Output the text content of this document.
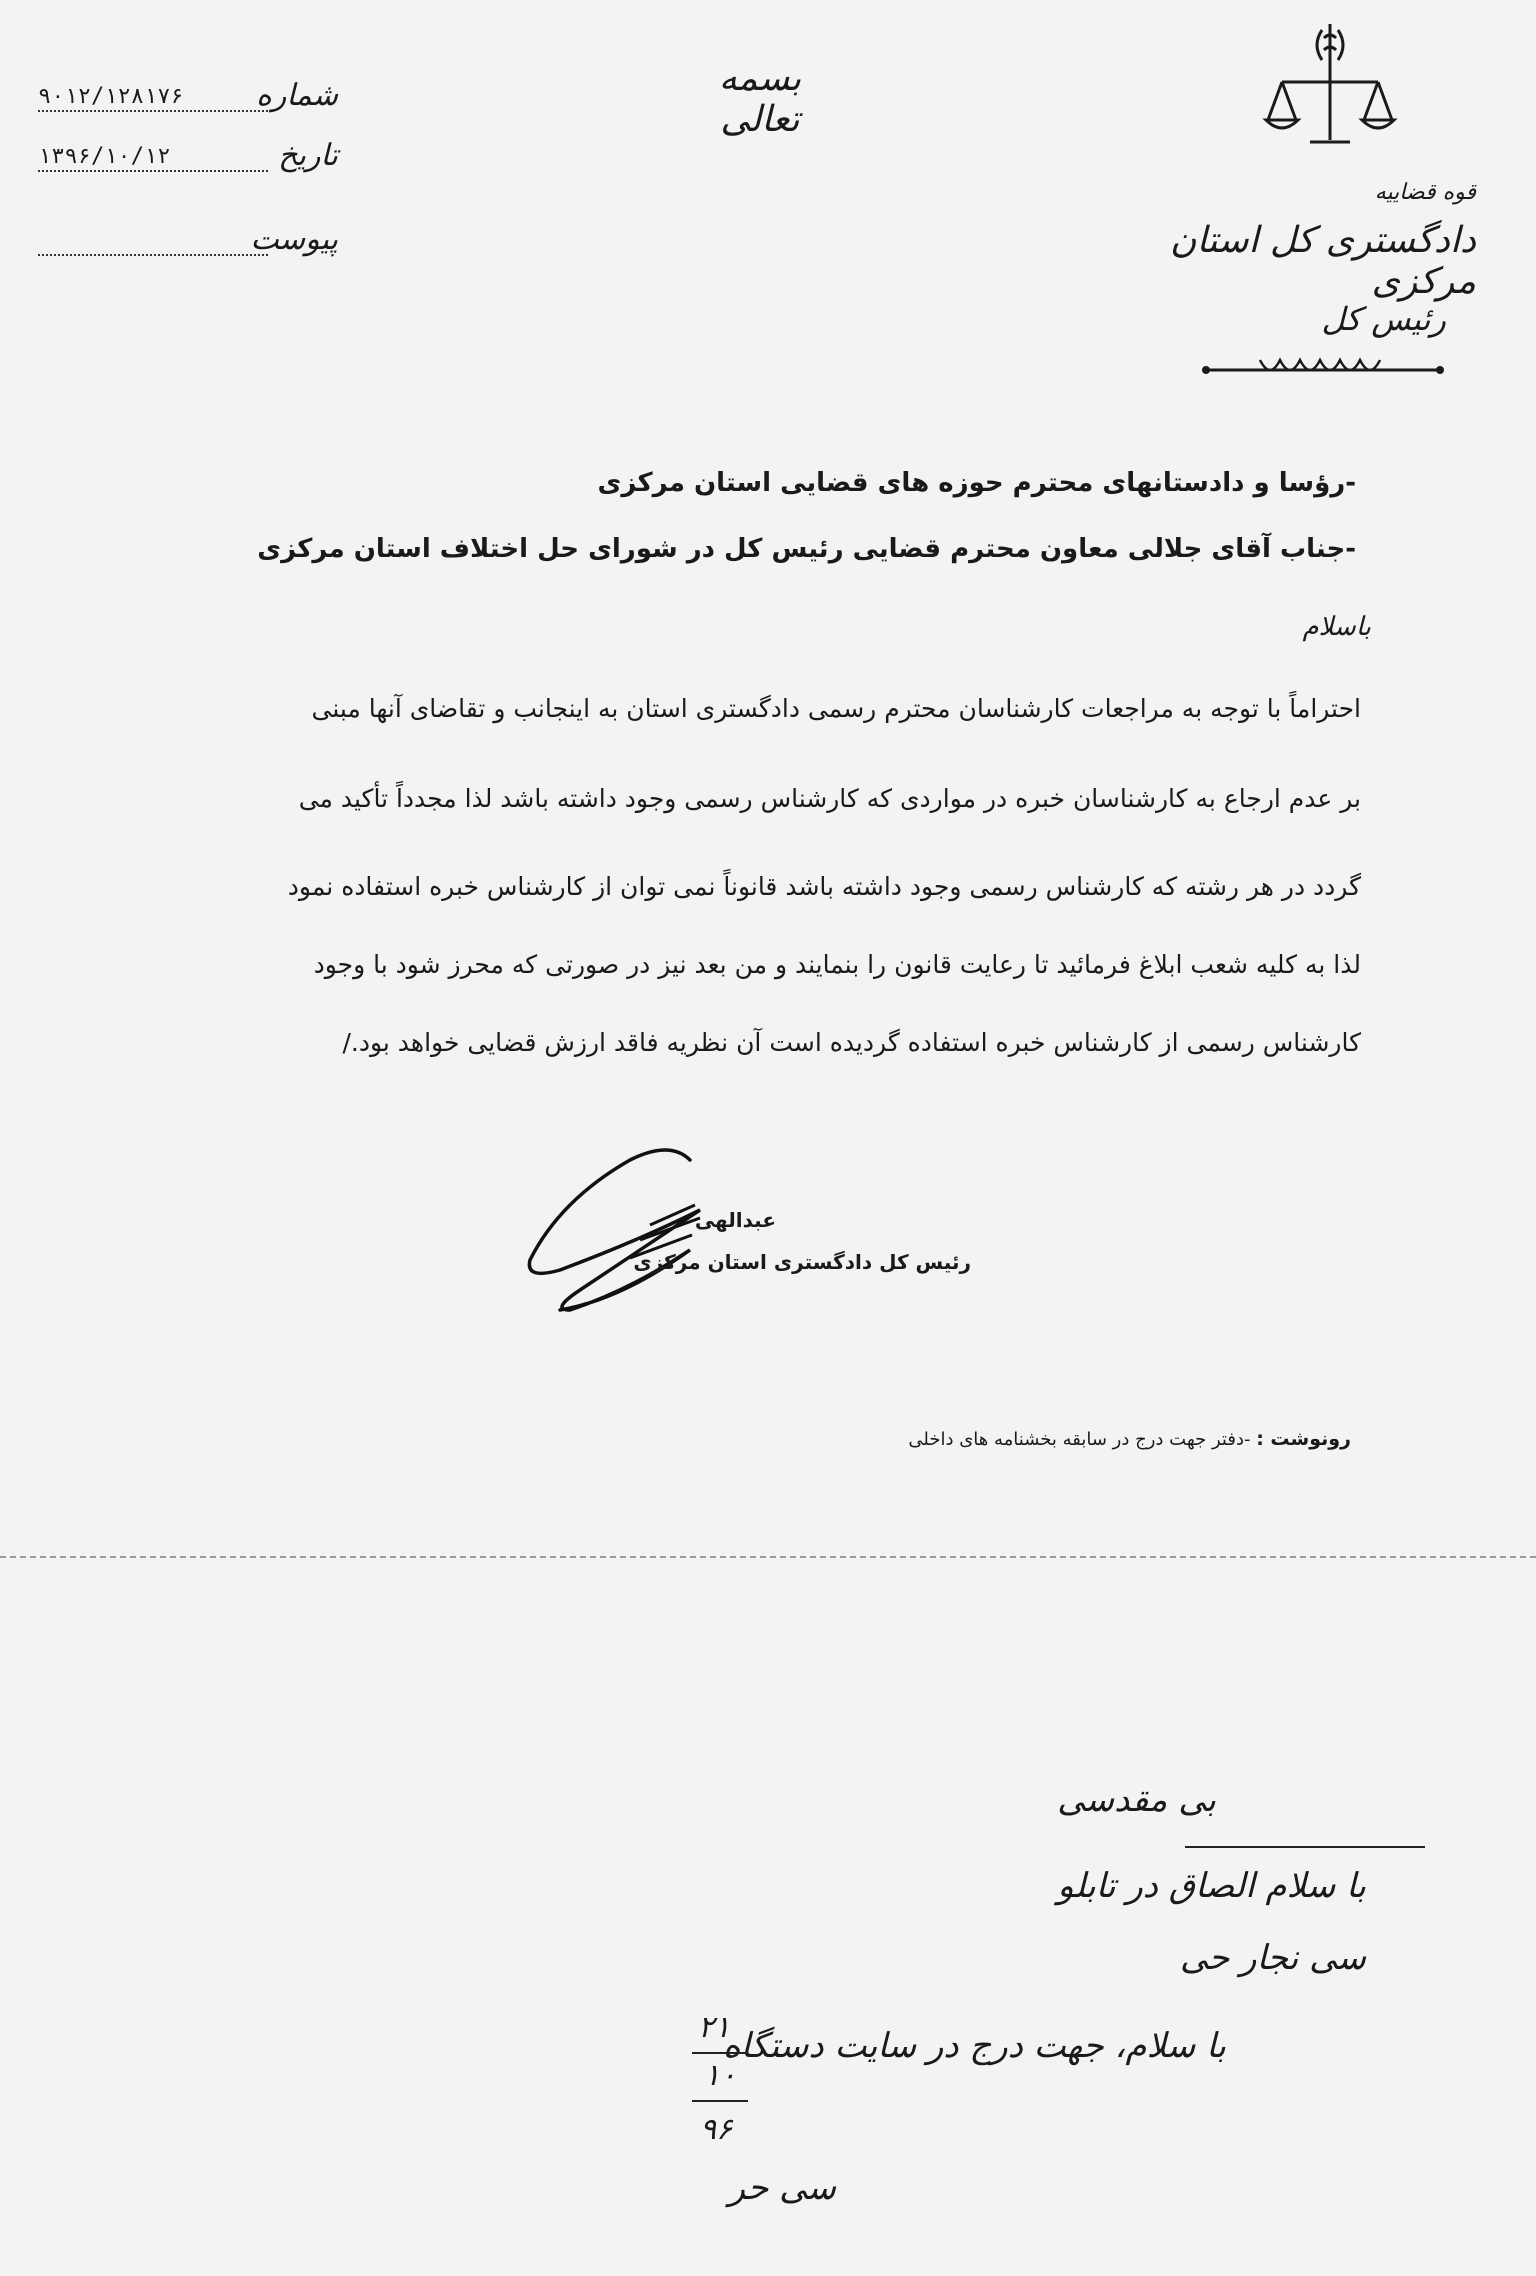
شماره
۹۰۱۲/۱۲۸۱۷۶
تاریخ
۱۳۹۶/۱۰/۱۲
پیوست
بسمه تعالی
قوه قضاییه
دادگستری کل استان مرکزی
رئیس کل
-رؤسا و دادستانهای محترم حوزه های قضایی استان مرکزی
-جناب آقای جلالی معاون محترم قضایی رئیس کل در شورای حل اختلاف استان مرکزی
باسلام
احتراماً با توجه به مراجعات کارشناسان محترم رسمی دادگستری استان به اینجانب و تقاضای آنها مبنی
بر عدم ارجاع به کارشناسان خبره در مواردی که کارشناس رسمی وجود داشته باشد لذا مجدداً تأکید می
گردد در هر رشته که کارشناس رسمی وجود داشته باشد قانوناً نمی توان از کارشناس خبره استفاده نمود
لذا به کلیه شعب ابلاغ فرمائید تا رعایت قانون را بنمایند و من بعد نیز در صورتی که محرز شود با وجود
کارشناس رسمی از کارشناس خبره استفاده گردیده است آن نظریه فاقد ارزش قضایی خواهد بود./
عبدالهی
رئیس کل دادگستری استان مرکزی
رونوشت : -دفتر جهت درج در سابقه بخشنامه های داخلی
بی مقدسی
با سلام الصاق در تابلو
سی نجار حی
با سلام، جهت درج در سایت دستگاه
۲۱
۱۰
۹۶
سی حر
